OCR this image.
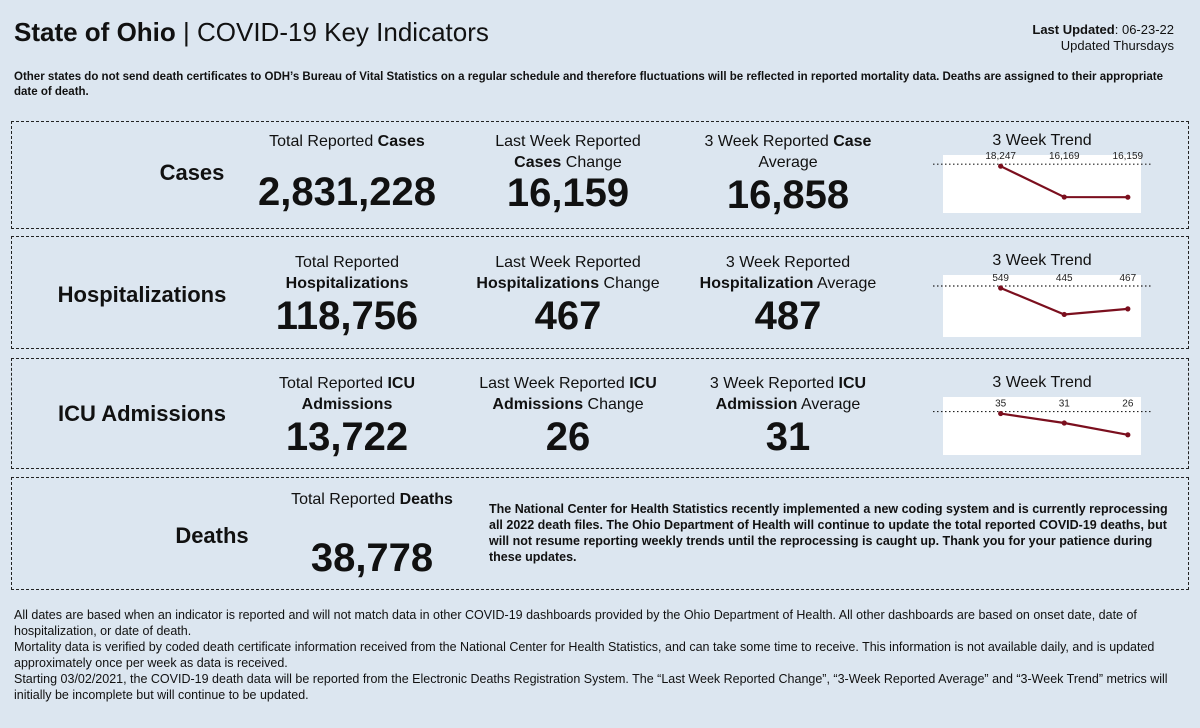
State of Ohio | COVID-19 Key Indicators	Last Updated: 06-23-22
Updated Thursdays
Other states do not send death certificates to ODH’s Bureau of Vital Statistics on a regular schedule and therefore fluctuations will be reflected in reported mortality data. Deaths are assigned to their appropriate date of death.
Cases
Total Reported Cases
2,831,228
Last Week Reported
Cases Change
16,159
3 Week Reported Case
Average
16,858
3 Week Trend
18,247	16,169	16,159
Hospitalizations
Total Reported
Hospitalizations
118,756
Last Week Reported
Hospitalizations Change
467
3 Week Reported
Hospitalization Average
487
3 Week Trend
549	445	467
ICU Admissions
Total Reported ICU
Admissions
13,722
Last Week Reported ICU
Admissions Change
26
3 Week Reported ICU
Admission Average
31
3 Week Trend
35	31	26
Deaths
Total Reported Deaths
38,778
The National Center for Health Statistics recently implemented a new coding system and is currently reprocessing all 2022 death files. The Ohio Department of Health will continue to update the total reported COVID-19 deaths, but will not resume reporting weekly trends until the reprocessing is caught up. Thank you for your patience during these updates.

All dates are based when an indicator is reported and will not match data in other COVID-19 dashboards provided by the Ohio Department of Health. All other dashboards are based on onset date, date of hospitalization, or date of death.

Mortality data is verified by coded death certificate information received from the National Center for Health Statistics, and can take some time to receive. This information is not available daily, and is updated approximately once per week as data is received.

Starting 03/02/2021, the COVID-19 death data will be reported from the Electronic Deaths Registration System. The “Last Week Reported Change”, “3-Week Reported Average” and “3-Week Trend” metrics will initially be incomplete but will continue to be updated.
